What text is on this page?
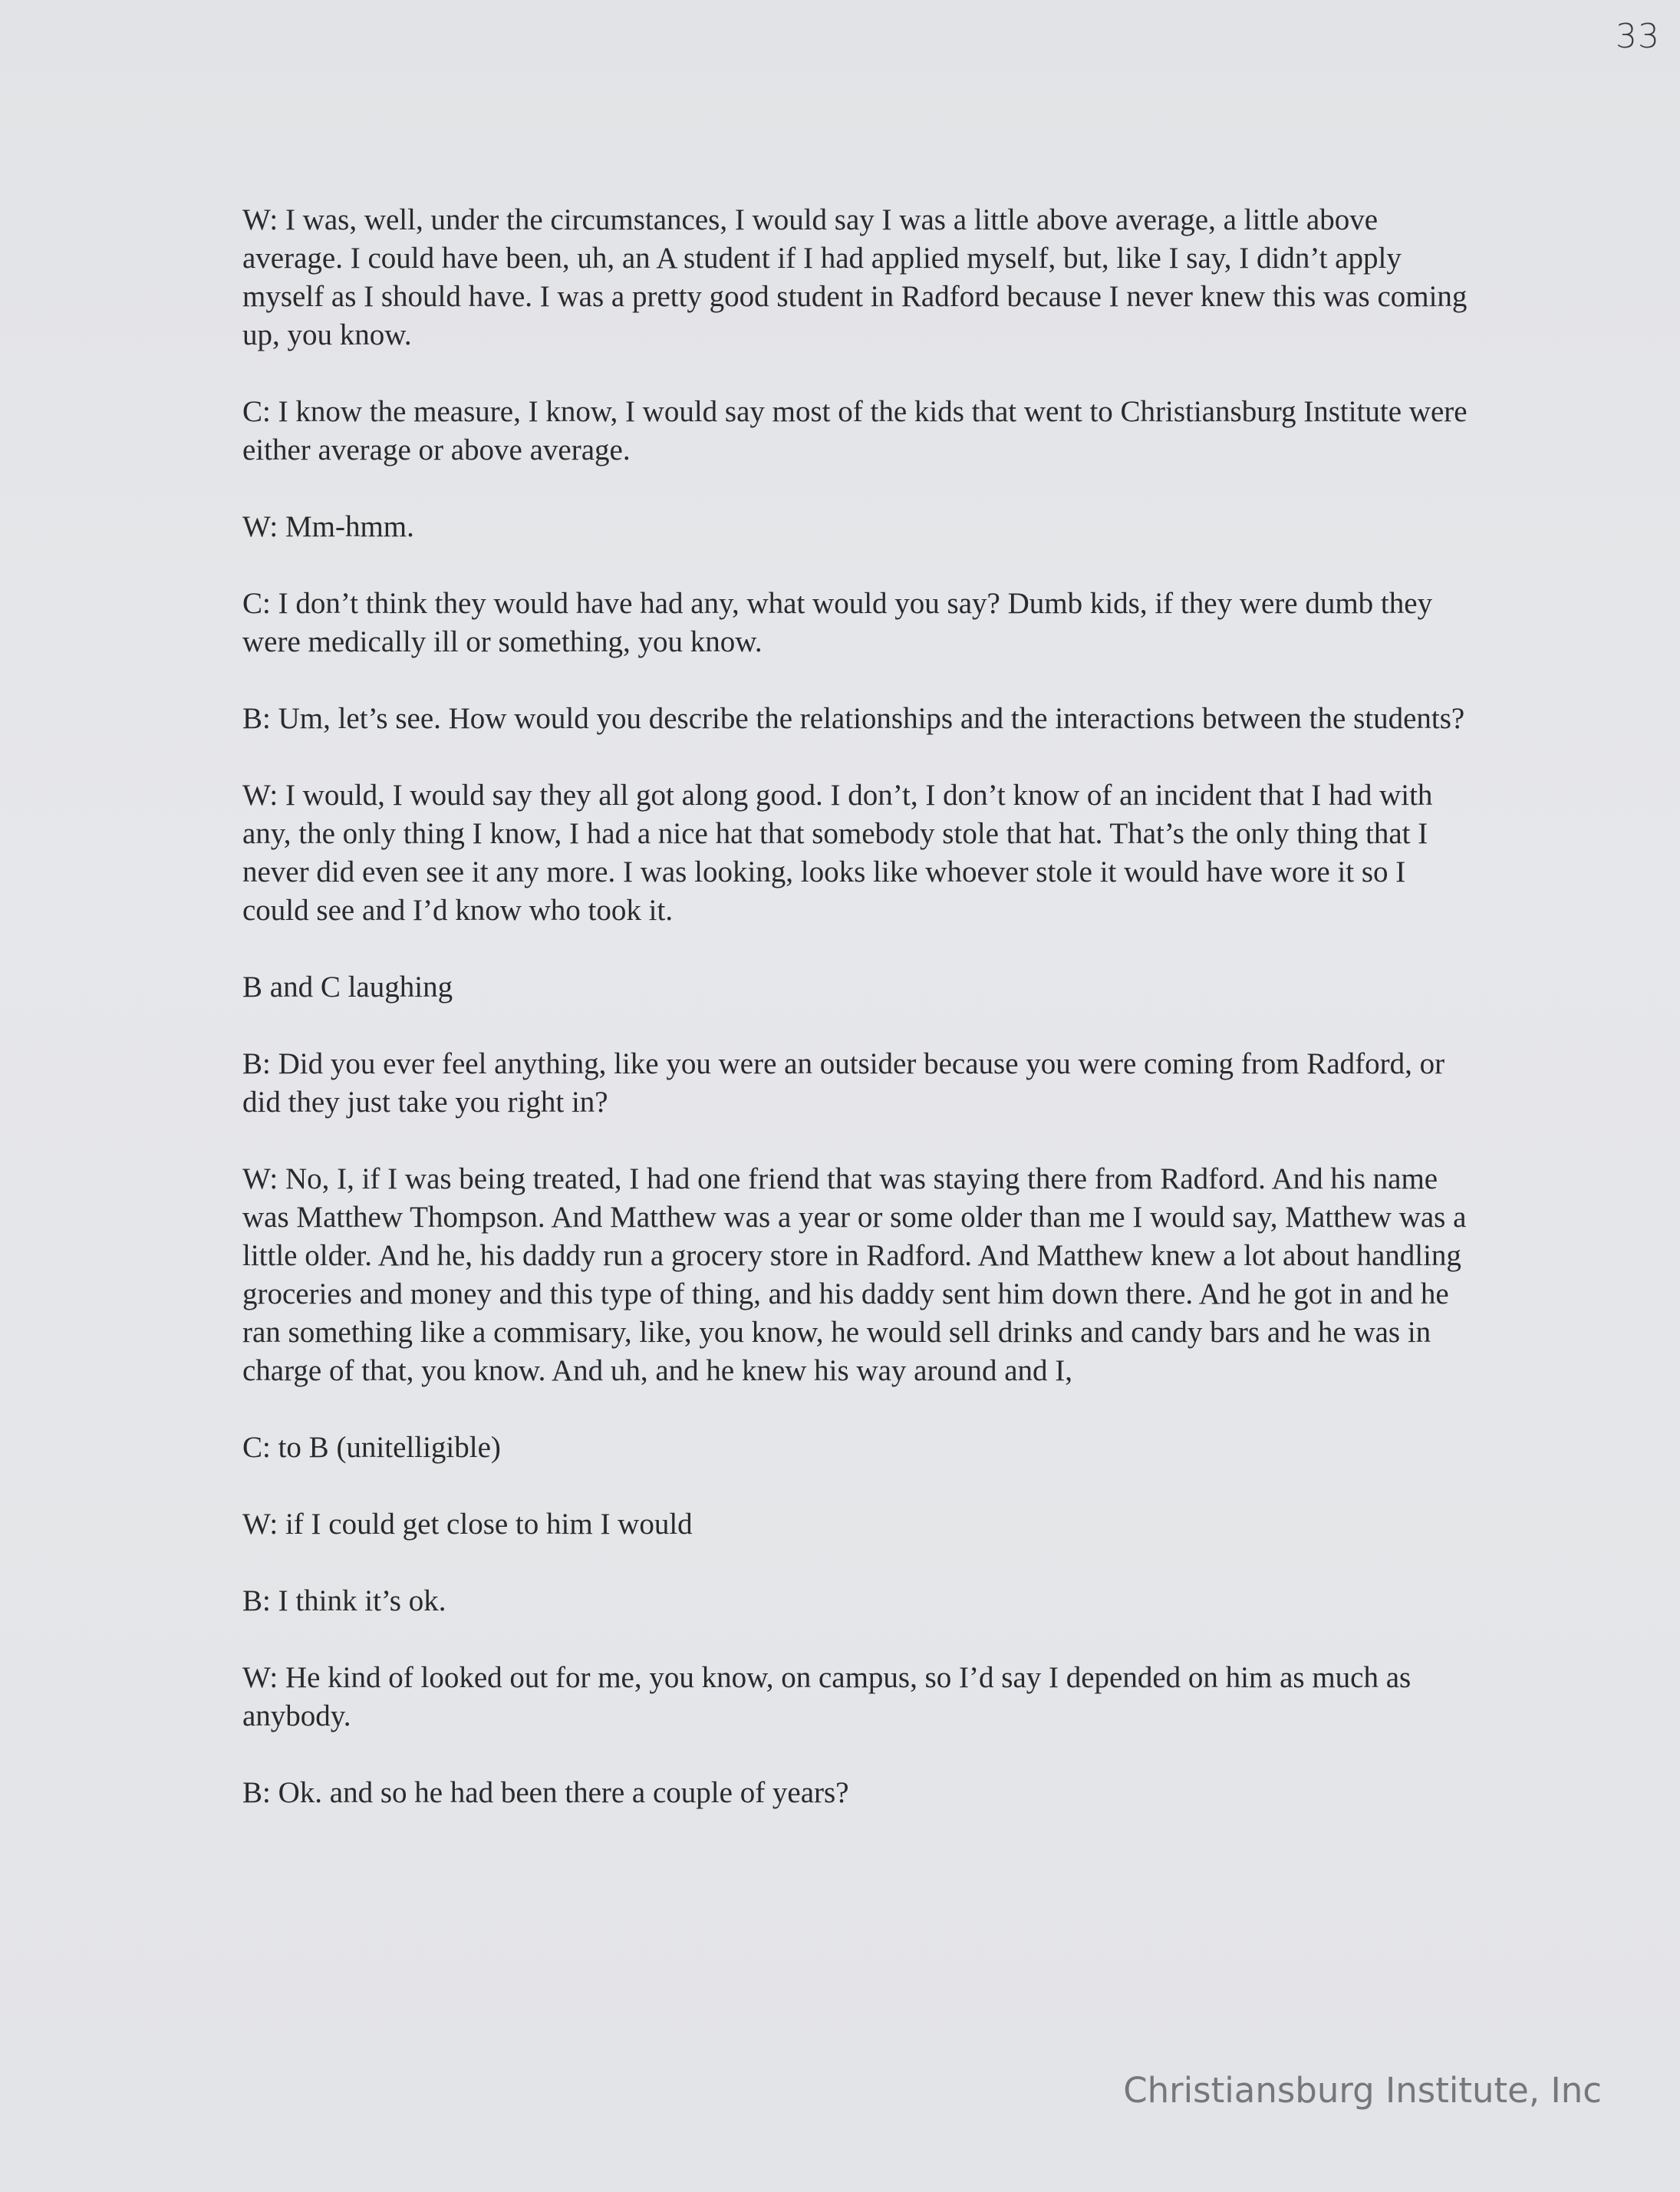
33

W: I was, well, under the circumstances, I would say I was a little above average, a little above average. I could have been, uh, an A student if I had applied myself, but, like I say, I didn’t apply myself as I should have. I was a pretty good student in Radford because I never knew this was coming up, you know.

C: I know the measure, I know, I would say most of the kids that went to Christiansburg Institute were either average or above average.

W: Mm-hmm.

C: I don’t think they would have had any, what would you say? Dumb kids, if they were dumb they were medically ill or something, you know.

B: Um, let’s see. How would you describe the relationships and the interactions between the students?

W: I would, I would say they all got along good. I don’t, I don’t know of an incident that I had with any, the only thing I know, I had a nice hat that somebody stole that hat. That’s the only thing that I never did even see it any more. I was looking, looks like whoever stole it would have wore it so I could see and I’d know who took it.

B and C laughing

B: Did you ever feel anything, like you were an outsider because you were coming from Radford, or did they just take you right in?

W: No, I, if I was being treated, I had one friend that was staying there from Radford. And his name was Matthew Thompson. And Matthew was a year or some older than me I would say, Matthew was a little older. And he, his daddy run a grocery store in Radford. And Matthew knew a lot about handling groceries and money and this type of thing, and his daddy sent him down there. And he got in and he ran something like a commisary, like, you know, he would sell drinks and candy bars and he was in charge of that, you know. And uh, and he knew his way around and I,

C: to B (unitelligible)

W: if I could get close to him I would

B: I think it’s ok.

W: He kind of looked out for me, you know, on campus, so I’d say I depended on him as much as anybody.

B: Ok. and so he had been there a couple of years?

Christiansburg Institute, Inc
